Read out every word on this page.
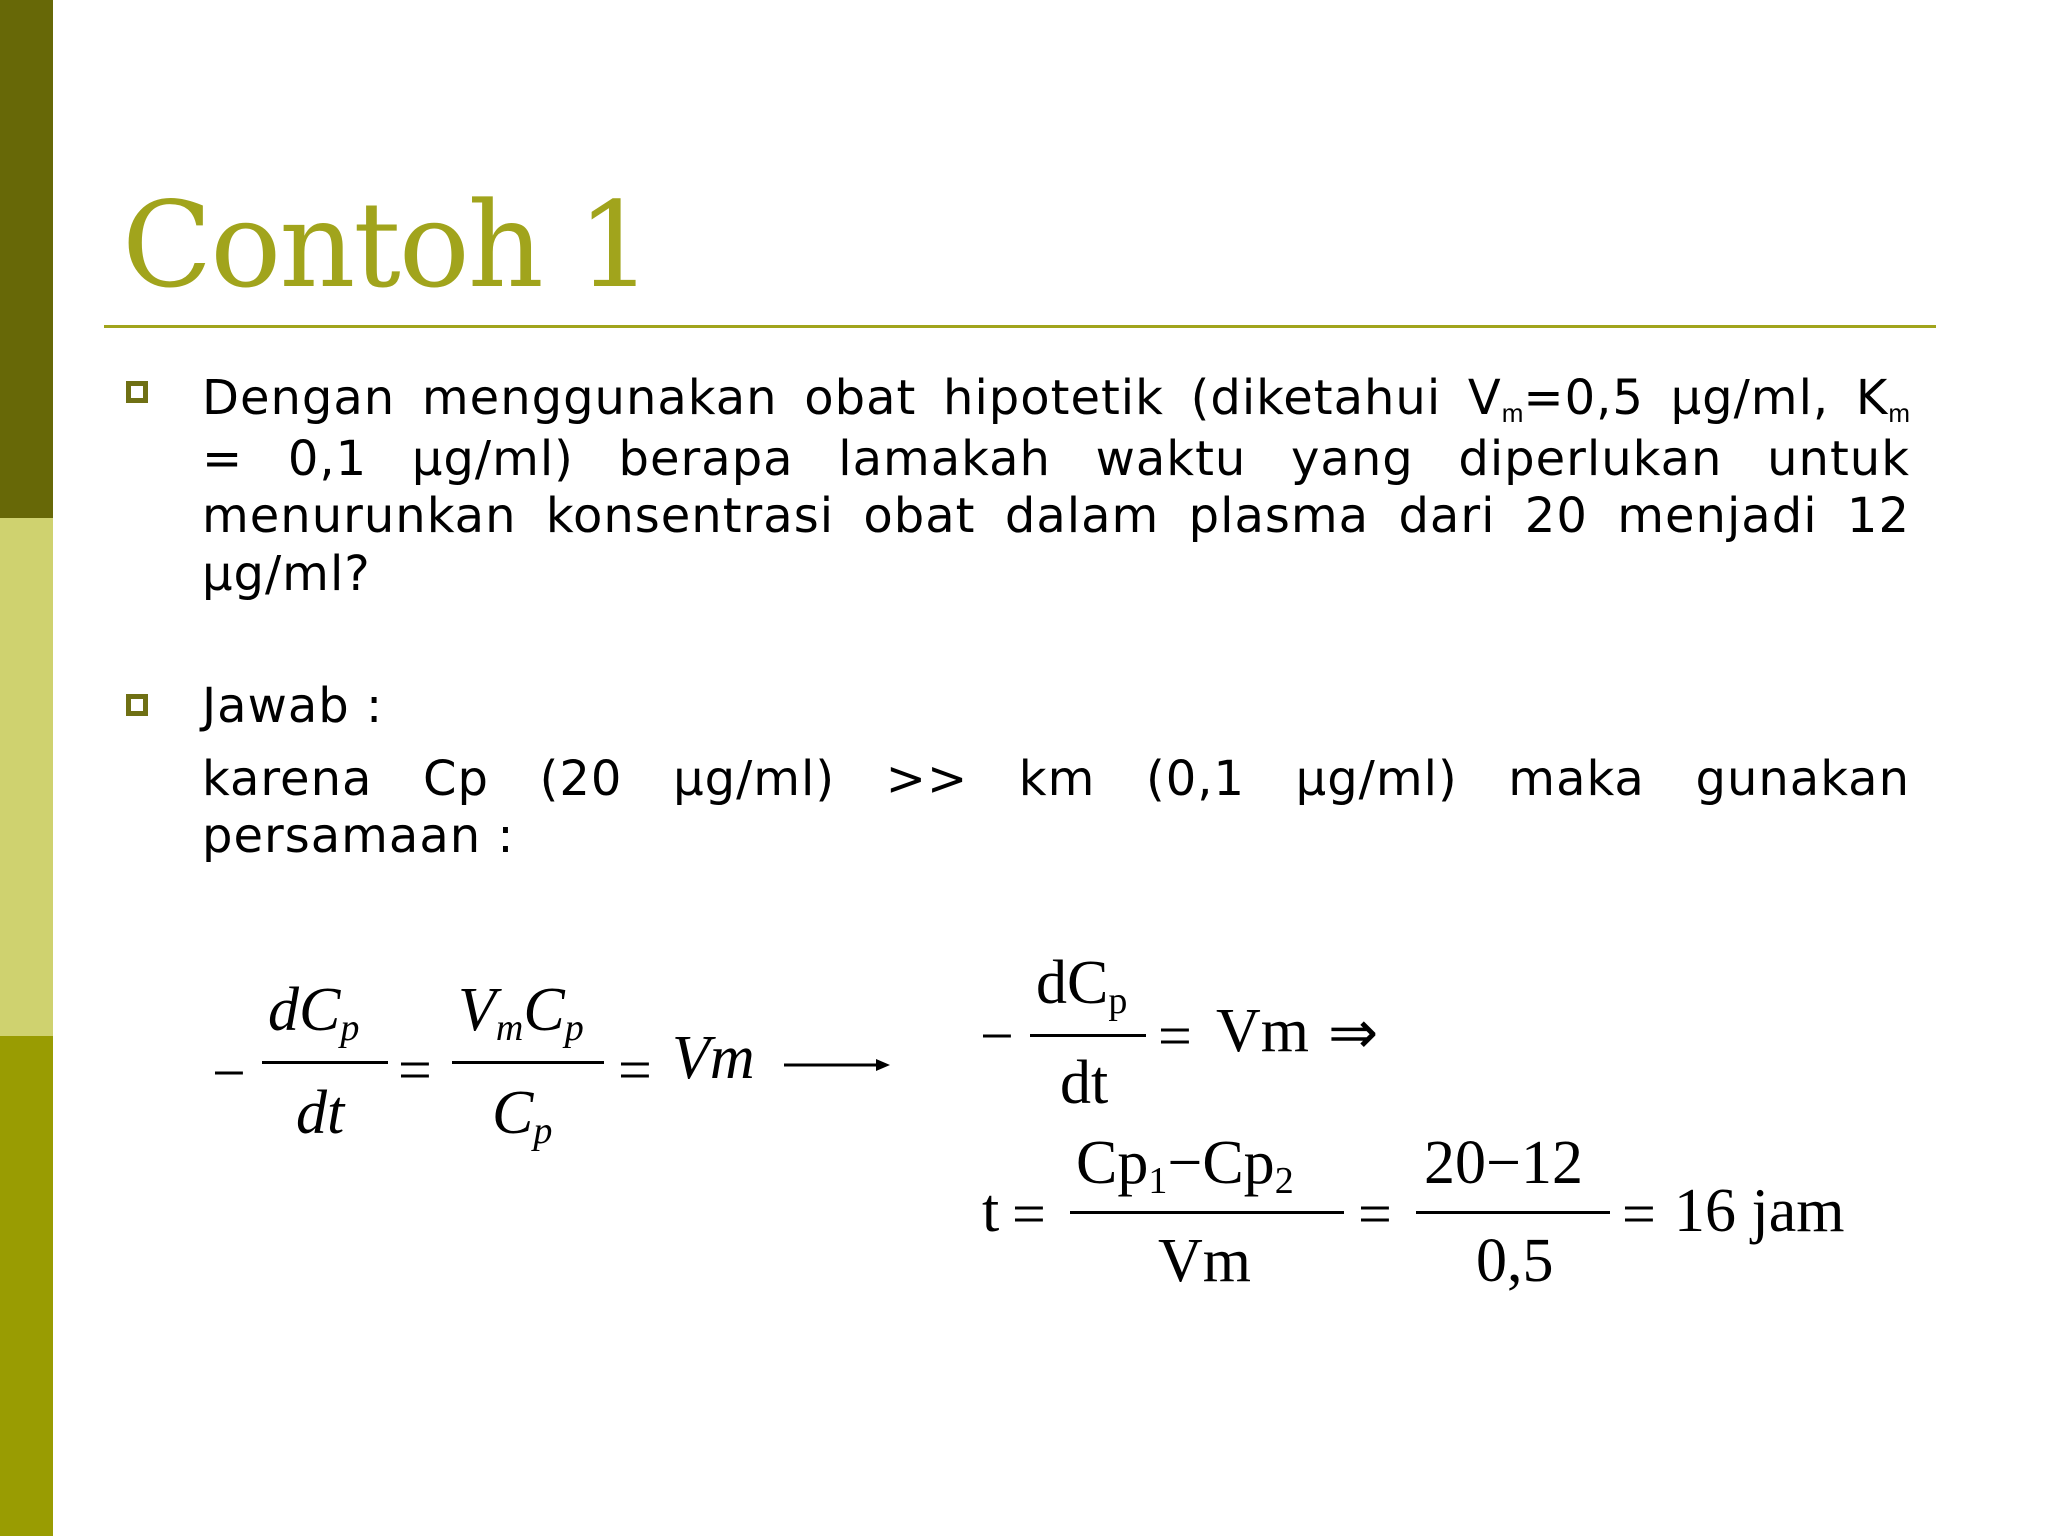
Contoh 1
Dengan menggunakan obat hipotetik (diketahui $V_m=0,5$ μg/ml, $K_m$
= 0,1 μg/ml) berapa lamakah waktu yang diperlukan untuk
menurunkan konsentrasi obat dalam plasma dari 20 menjadi 12
μg/ml?
Jawab :
karena Cp (20 μg/ml) >> km (0,1 μg/ml) maka gunakan
persamaan :
−
dCp
dt
=
VmCp
Cp
= Vm	−
dCp
dt
= Vm ⇒
t =
Cp1−Cp2
Vm
=
20−12
0,5
= 16 jam
